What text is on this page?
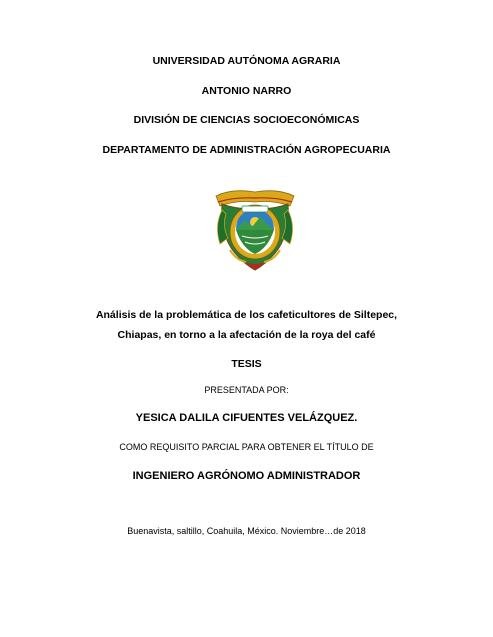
UNIVERSIDAD AUTÓNOMA AGRARIA
ANTONIO NARRO
DIVISIÓN DE CIENCIAS SOCIOECONÓMICAS
DEPARTAMENTO DE ADMINISTRACIÓN AGROPECUARIA
Análisis de la problemática de los cafeticultores de Siltepec,
Chiapas, en torno a la afectación de la roya del café
TESIS
PRESENTADA POR:
YESICA DALILA CIFUENTES VELÁZQUEZ.
COMO REQUISITO PARCIAL PARA OBTENER EL TÍTULO DE
INGENIERO AGRÓNOMO ADMINISTRADOR
Buenavista, saltillo, Coahuila, México. Noviembre…de 2018
